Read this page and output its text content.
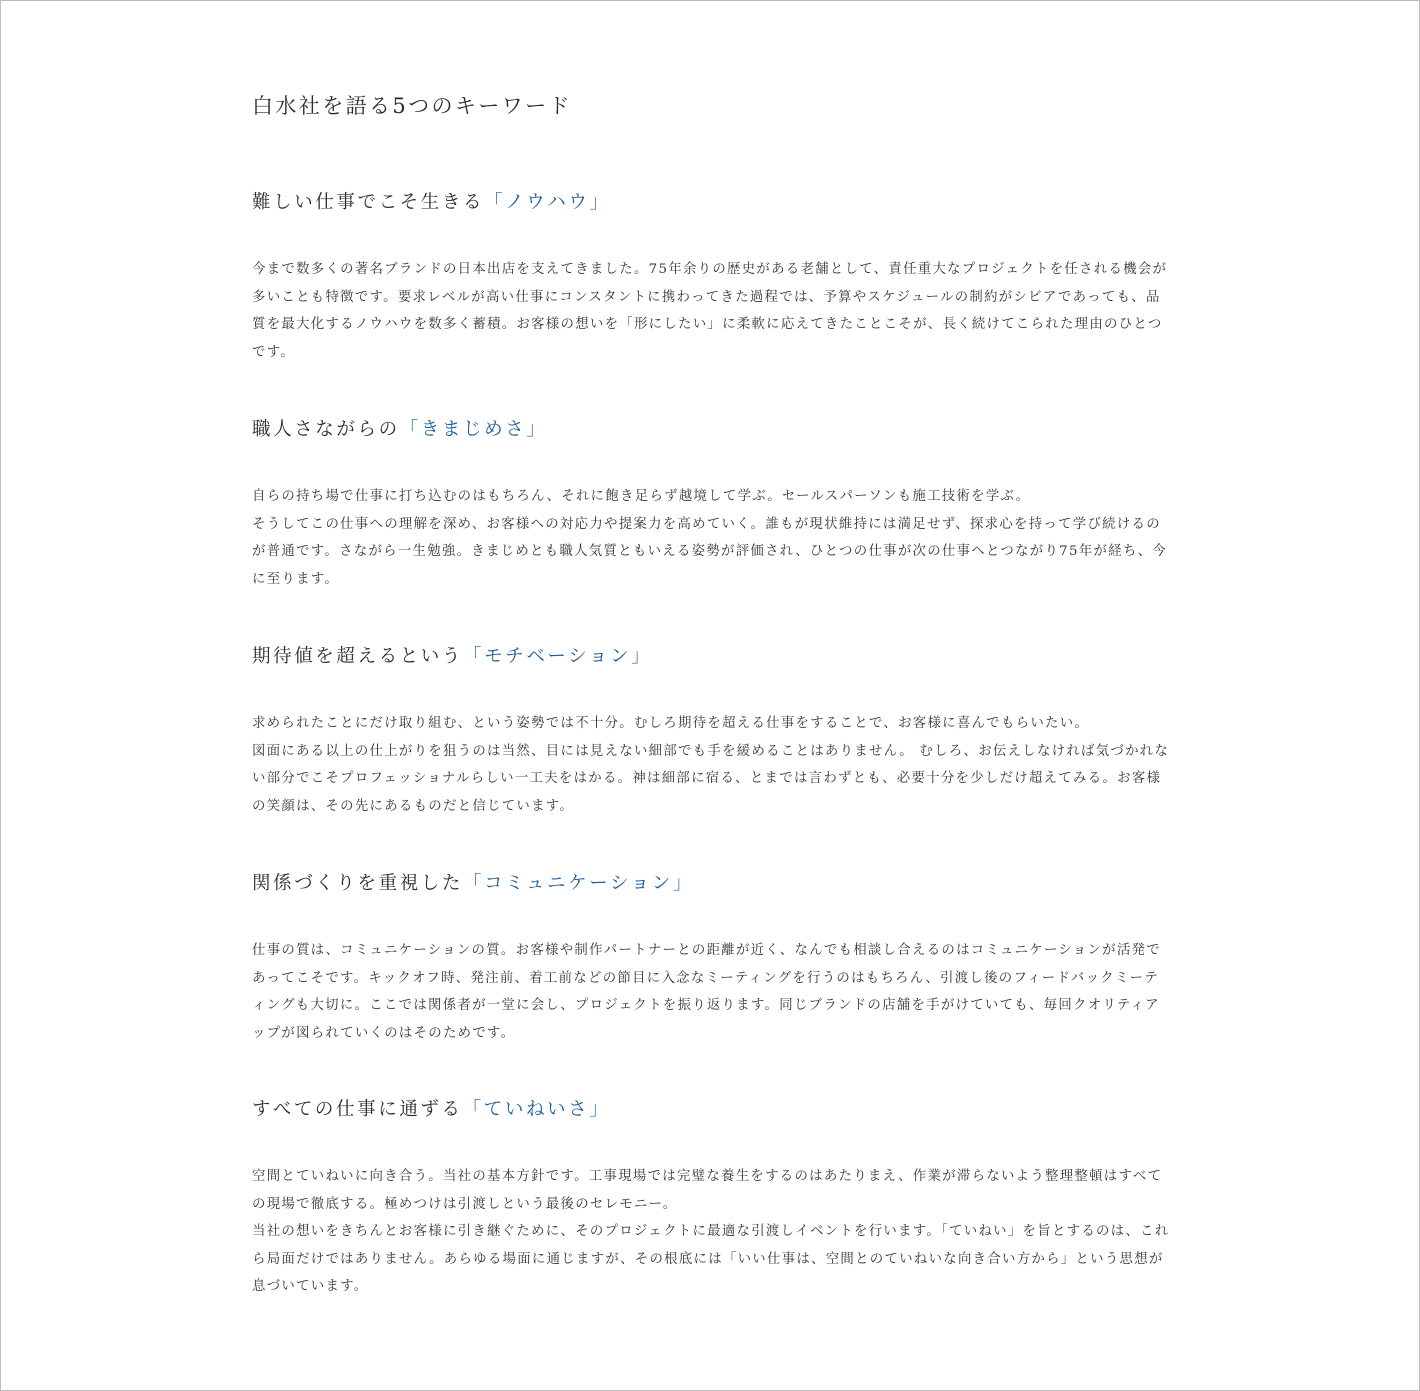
白水社を語る5つのキーワード
難しい仕事でこそ生きる「ノウハウ」

今まで数多くの著名ブランドの日本出店を支えてきました。75年余りの歴史がある老舗として、責任重大なプロジェクトを任される機会が多いことも特徴です。要求レベルが高い仕事にコンスタントに携わってきた過程では、予算やスケジュールの制約がシビアであっても、品質を最大化するノウハウを数多く蓄積。お客様の想いを「形にしたい」に柔軟に応えてきたことこそが、長く続けてこられた理由のひとつです。

職人さながらの「きまじめさ」

自らの持ち場で仕事に打ち込むのはもちろん、それに飽き足らず越境して学ぶ。セールスパーソンも施工技術を学ぶ。

そうしてこの仕事への理解を深め、お客様への対応力や提案力を高めていく。誰もが現状維持には満足せず、探求心を持って学び続けるのが普通です。さながら一生勉強。きまじめとも職人気質ともいえる姿勢が評価され、ひとつの仕事が次の仕事へとつながり75年が経ち、今に至ります。

期待値を超えるという「モチベーション」

求められたことにだけ取り組む、という姿勢では不十分。むしろ期待を超える仕事をすることで、お客様に喜んでもらいたい。

図面にある以上の仕上がりを狙うのは当然、目には見えない細部でも手を緩めることはありません。 むしろ、お伝えしなければ気づかれない部分でこそプロフェッショナルらしい一工夫をはかる。神は細部に宿る、とまでは言わずとも、必要十分を少しだけ超えてみる。お客様の笑顔は、その先にあるものだと信じています。

関係づくりを重視した「コミュニケーション」

仕事の質は、コミュニケーションの質。お客様や制作パートナーとの距離が近く、なんでも相談し合えるのはコミュニケーションが活発であってこそです。キックオフ時、発注前、着工前などの節目に入念なミーティングを行うのはもちろん、引渡し後のフィードバックミーティングも大切に。ここでは関係者が一堂に会し、プロジェクトを振り返ります。同じブランドの店舗を手がけていても、毎回クオリティアップが図られていくのはそのためです。

すべての仕事に通ずる「ていねいさ」

空間とていねいに向き合う。当社の基本方針です。工事現場では完璧な養生をするのはあたりまえ、作業が滞らないよう整理整頓はすべての現場で徹底する。極めつけは引渡しという最後のセレモニー。

当社の想いをきちんとお客様に引き継ぐために、そのプロジェクトに最適な引渡しイベントを行います。「ていねい」を旨とするのは、これら局面だけではありません。あらゆる場面に通じますが、その根底には「いい仕事は、空間とのていねいな向き合い方から」という思想が息づいています。
